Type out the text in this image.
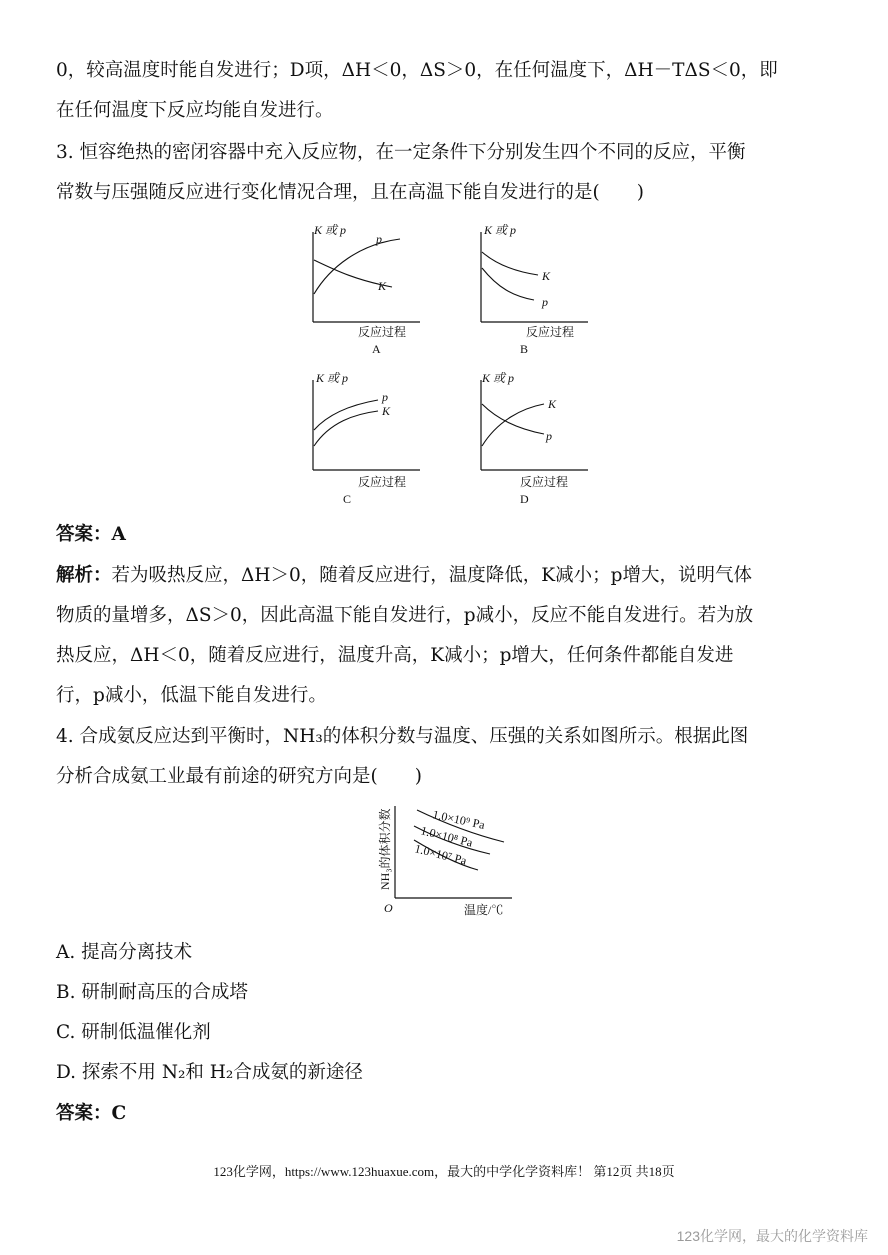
0，较高温度时能自发进行；D项，ΔH＜0，ΔS＞0，在任何温度下，ΔH－TΔS＜0，即
在任何温度下反应均能自发进行。
3. 恒容绝热的密闭容器中充入反应物，在一定条件下分别发生四个不同的反应，平衡
常数与压强随反应进行变化情况合理，且在高温下能自发进行的是(　　)
K 或 p
p
K
反应过程
A
K 或 p
K
p
反应过程
B
K 或 p
p
K
反应过程
C
K 或 p
K
p
反应过程
D
答案：A
解析：若为吸热反应，ΔH＞0，随着反应进行，温度降低，K减小；p增大，说明气体
物质的量增多，ΔS＞0，因此高温下能自发进行，p减小，反应不能自发进行。若为放
热反应，ΔH＜0，随着反应进行，温度升高，K减小；p增大，任何条件都能自发进
行，p减小，低温下能自发进行。
4. 合成氨反应达到平衡时，NH₃的体积分数与温度、压强的关系如图所示。根据此图
分析合成氨工业最有前途的研究方向是(　　)
NH₃的体积分数	1.0×10⁹ Pa
1.0×10⁸ Pa
1.0×10⁷ Pa
O	温度/℃
A. 提高分离技术
B. 研制耐高压的合成塔
C. 研制低温催化剂
D. 探索不用 N₂和 H₂合成氨的新途径
答案：C
123化学网，https://www.123huaxue.com，最大的中学化学资料库！ 第12页 共18页
123化学网，最大的化学资料库
